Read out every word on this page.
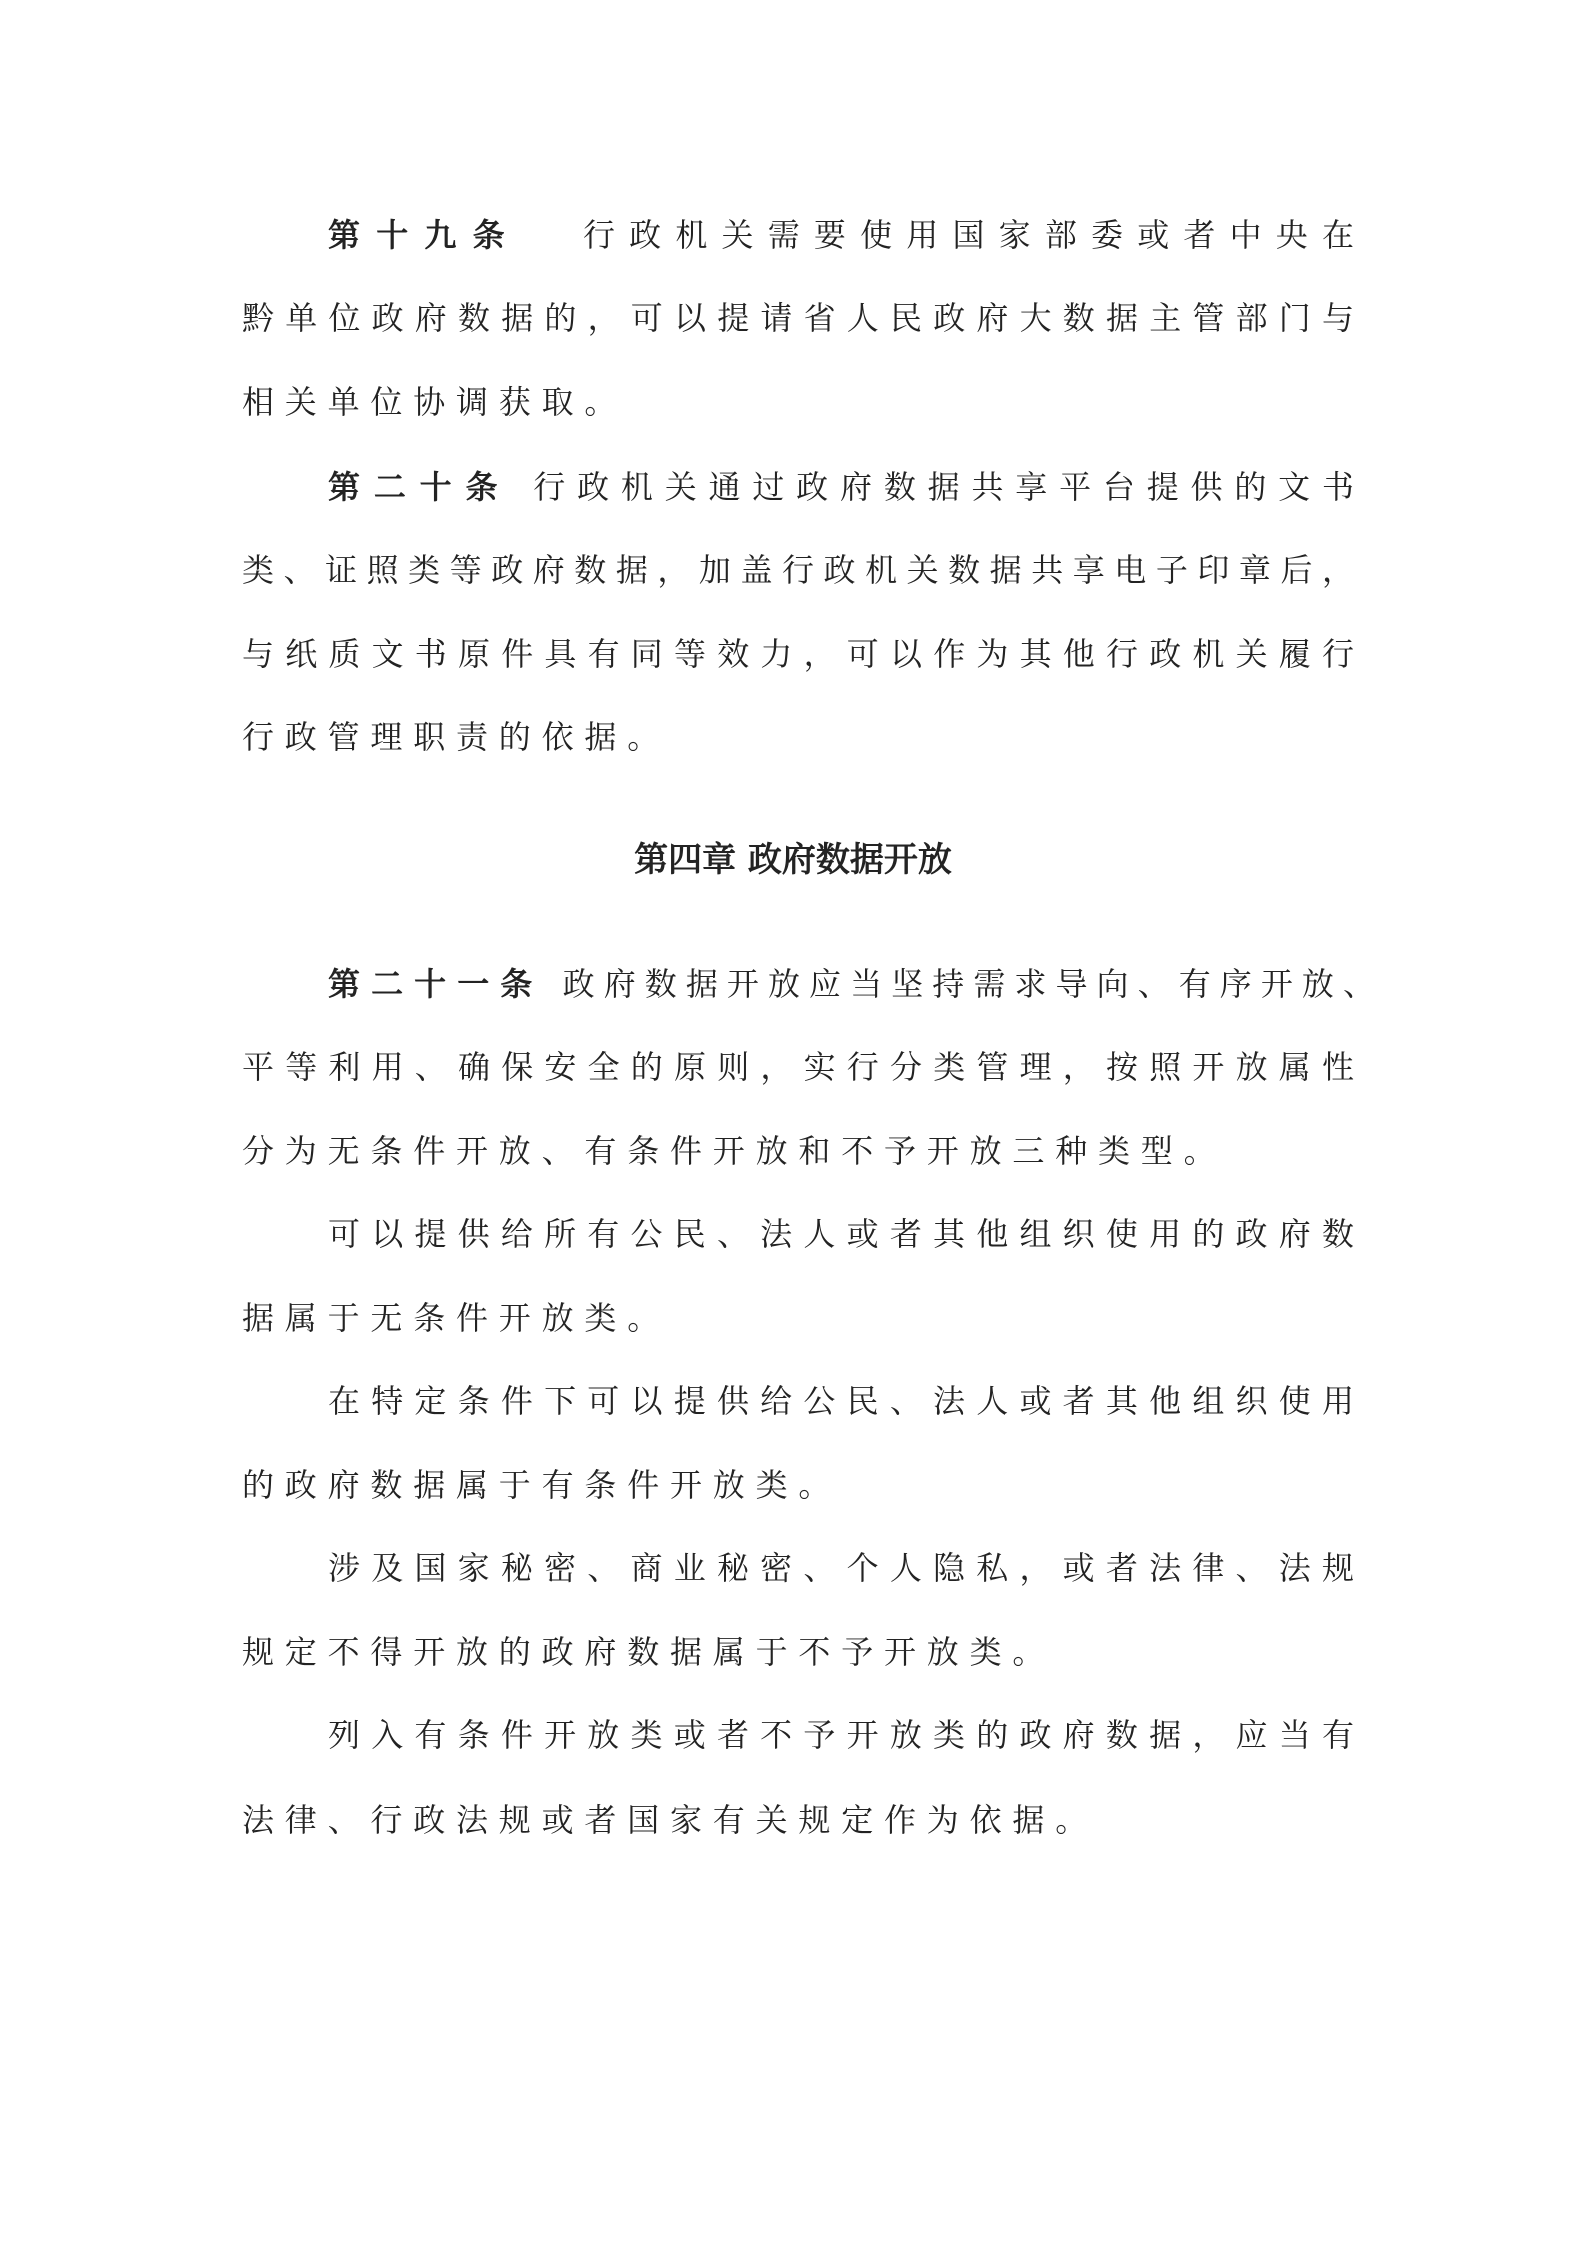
第十九条 行政机关需要使用国家部委或者中央在
黔单位政府数据的，可以提请省人民政府大数据主管部门与
相关单位协调获取。
第二十条 行政机关通过政府数据共享平台提供的文书
类、证照类等政府数据，加盖行政机关数据共享电子印章后，
与纸质文书原件具有同等效力，可以作为其他行政机关履行
行政管理职责的依据。
第四章 政府数据开放
第二十一条 政府数据开放应当坚持需求导向、有序开放、
平等利用、确保安全的原则，实行分类管理，按照开放属性
分为无条件开放、有条件开放和不予开放三种类型。
可以提供给所有公民、法人或者其他组织使用的政府数
据属于无条件开放类。
在特定条件下可以提供给公民、法人或者其他组织使用
的政府数据属于有条件开放类。
涉及国家秘密、商业秘密、个人隐私，或者法律、法规
规定不得开放的政府数据属于不予开放类。
列入有条件开放类或者不予开放类的政府数据，应当有
法律、行政法规或者国家有关规定作为依据。
